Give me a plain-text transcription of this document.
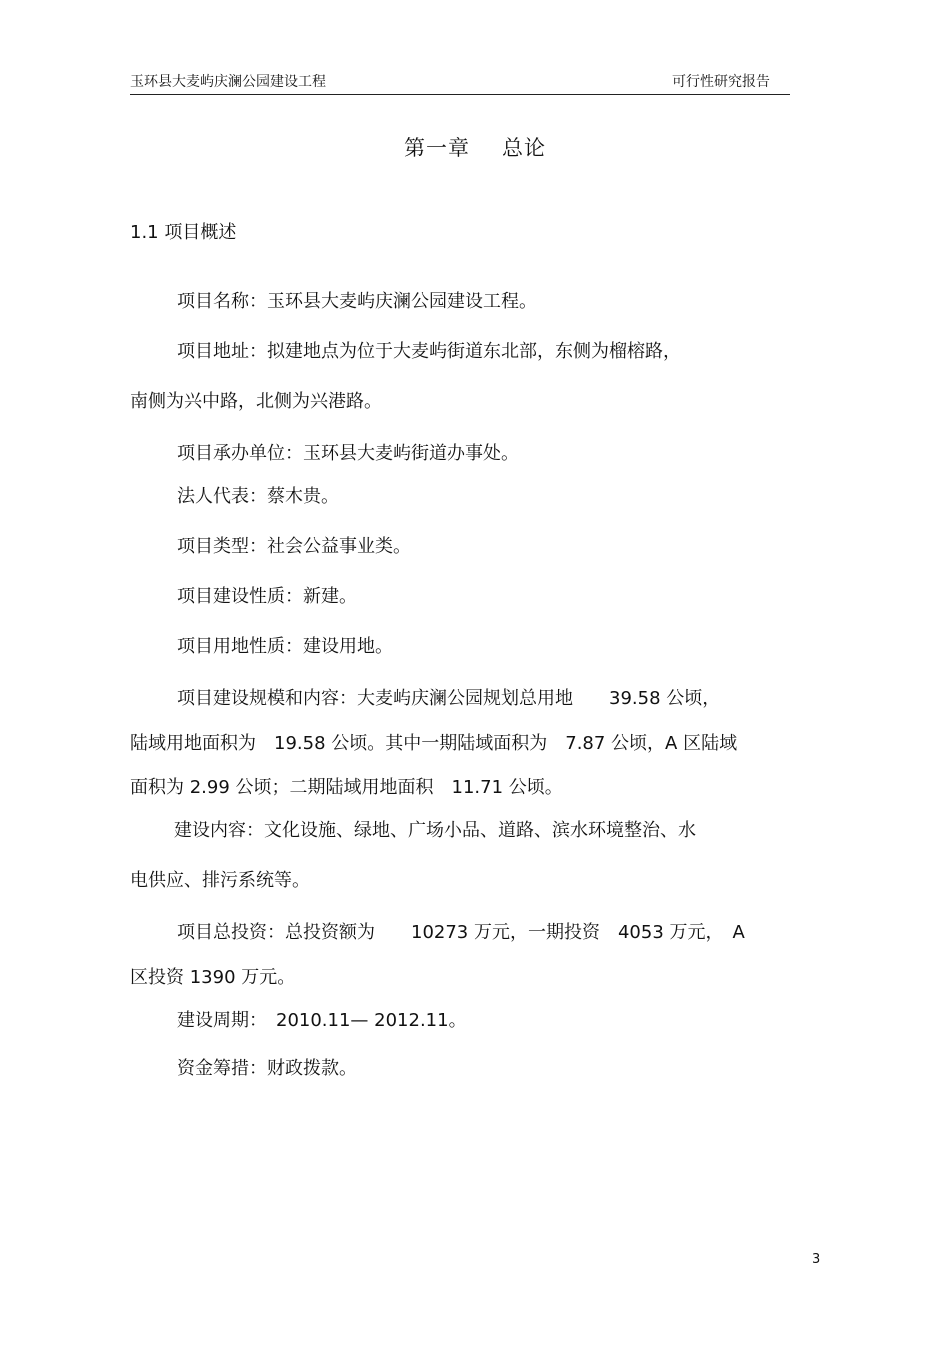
玉环县大麦屿庆澜公园建设工程	可行性研究报告
第一章 总论
1.1 项目概述
项目名称：玉环县大麦屿庆澜公园建设工程。
项目地址：拟建地点为位于大麦屿街道东北部，东侧为榴榕路，
南侧为兴中路，北侧为兴港路。
项目承办单位：玉环县大麦屿街道办事处。
法人代表：蔡木贵。
项目类型：社会公益事业类。
项目建设性质：新建。
项目用地性质：建设用地。
项目建设规模和内容：大麦屿庆澜公园规划总用地　　39.58 公顷，
陆域用地面积为　19.58 公顷。其中一期陆域面积为　7.87 公顷，A 区陆域
面积为 2.99 公顷；二期陆域用地面积　11.71 公顷。
建设内容：文化设施、绿地、广场小品、道路、滨水环境整治、水
电供应、排污系统等。
项目总投资：总投资额为　　10273 万元，一期投资　4053 万元，　A
区投资 1390 万元。
建设周期：　2010.11— 2012.11。
资金筹措：财政拨款。
3
